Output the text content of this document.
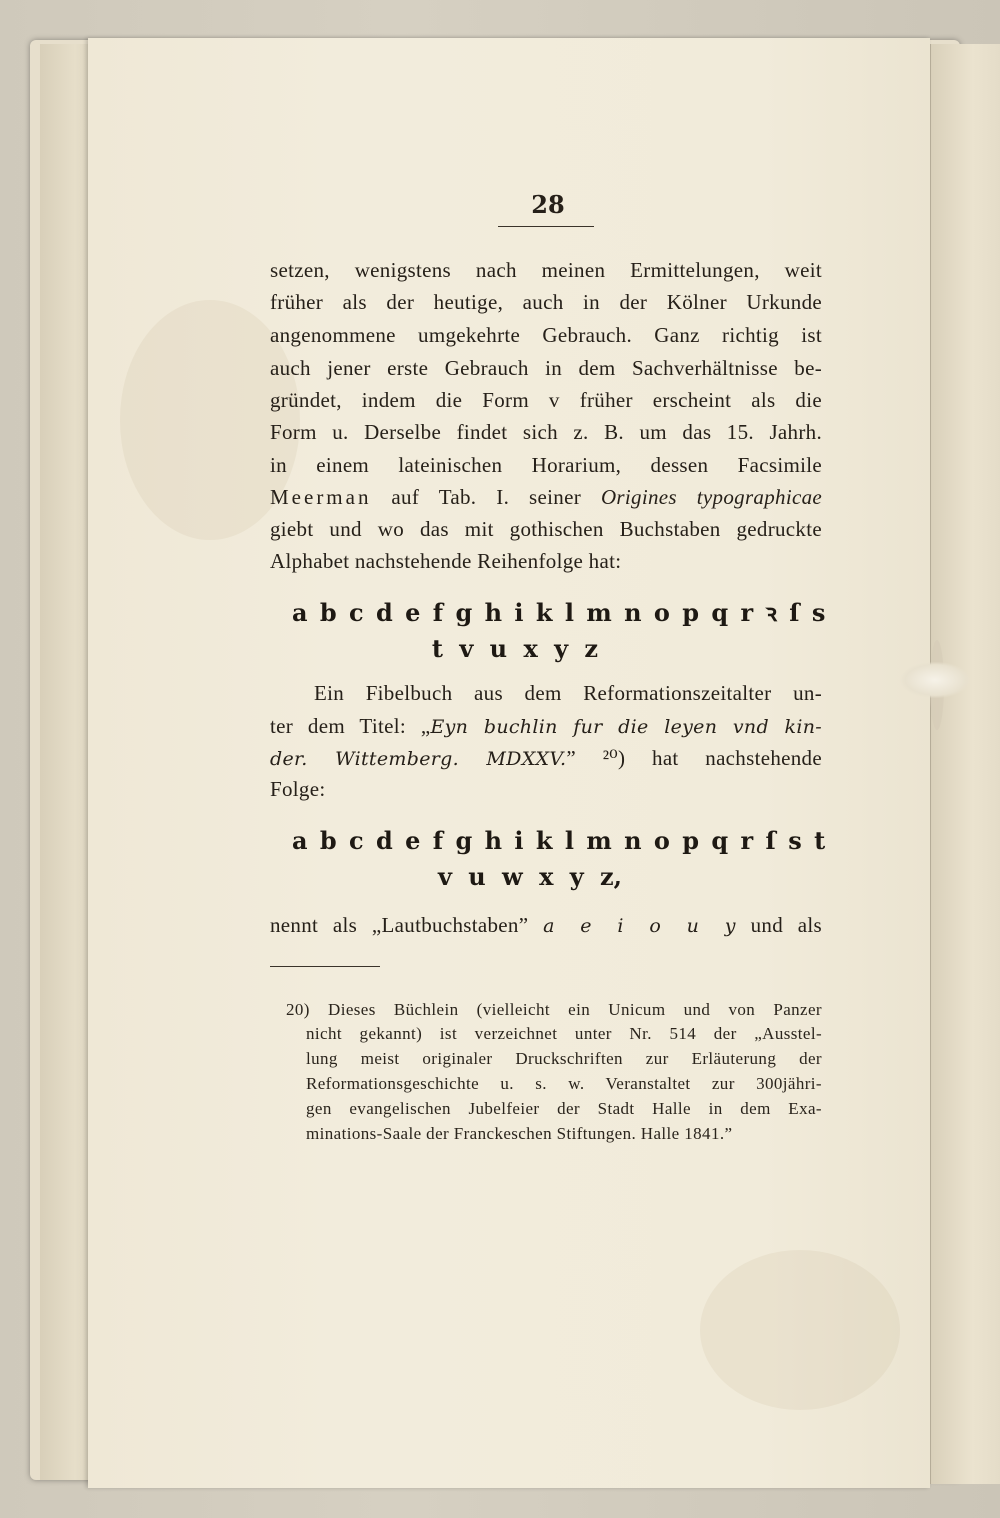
28
setzen, wenigstens nach meinen Ermittelungen, weit
früher als der heutige, auch in der Kölner Urkunde
angenommene umgekehrte Gebrauch. Ganz richtig ist
auch jener erste Gebrauch in dem Sachverhältnisse be-
gründet, indem die Form v früher erscheint als die
Form u. Derselbe findet sich z. B. um das 15. Jahrh.
in einem lateinischen Horarium, dessen Facsimile
Meerman auf Tab. I. seiner Origines typographicae
giebt und wo das mit gothischen Buchstaben gedruckte
Alphabet nachstehende Reihenfolge hat:
a b c d e f g h i k l m n o p q r ꝛ ſ s
t v u x y z
Ein Fibelbuch aus dem Reformationszeitalter un-
ter dem Titel: „Eyn buchlin fur die leyen vnd kin-
der. Wittemberg. MDXXV.” ²⁰) hat nachstehende
Folge:
a b c d e f g h i k l m n o p q r ſ s t
v u w x y z,
nennt als „Lautbuchstaben” a e i o u y und als
20) Dieses Büchlein (vielleicht ein Unicum und von Panzer
nicht gekannt) ist verzeichnet unter Nr. 514 der „Ausstel-
lung meist originaler Druckschriften zur Erläuterung der
Reformationsgeschichte u. s. w. Veranstaltet zur 300jähri-
gen evangelischen Jubelfeier der Stadt Halle in dem Exa-
minations-Saale der Franckeschen Stiftungen. Halle 1841.”
